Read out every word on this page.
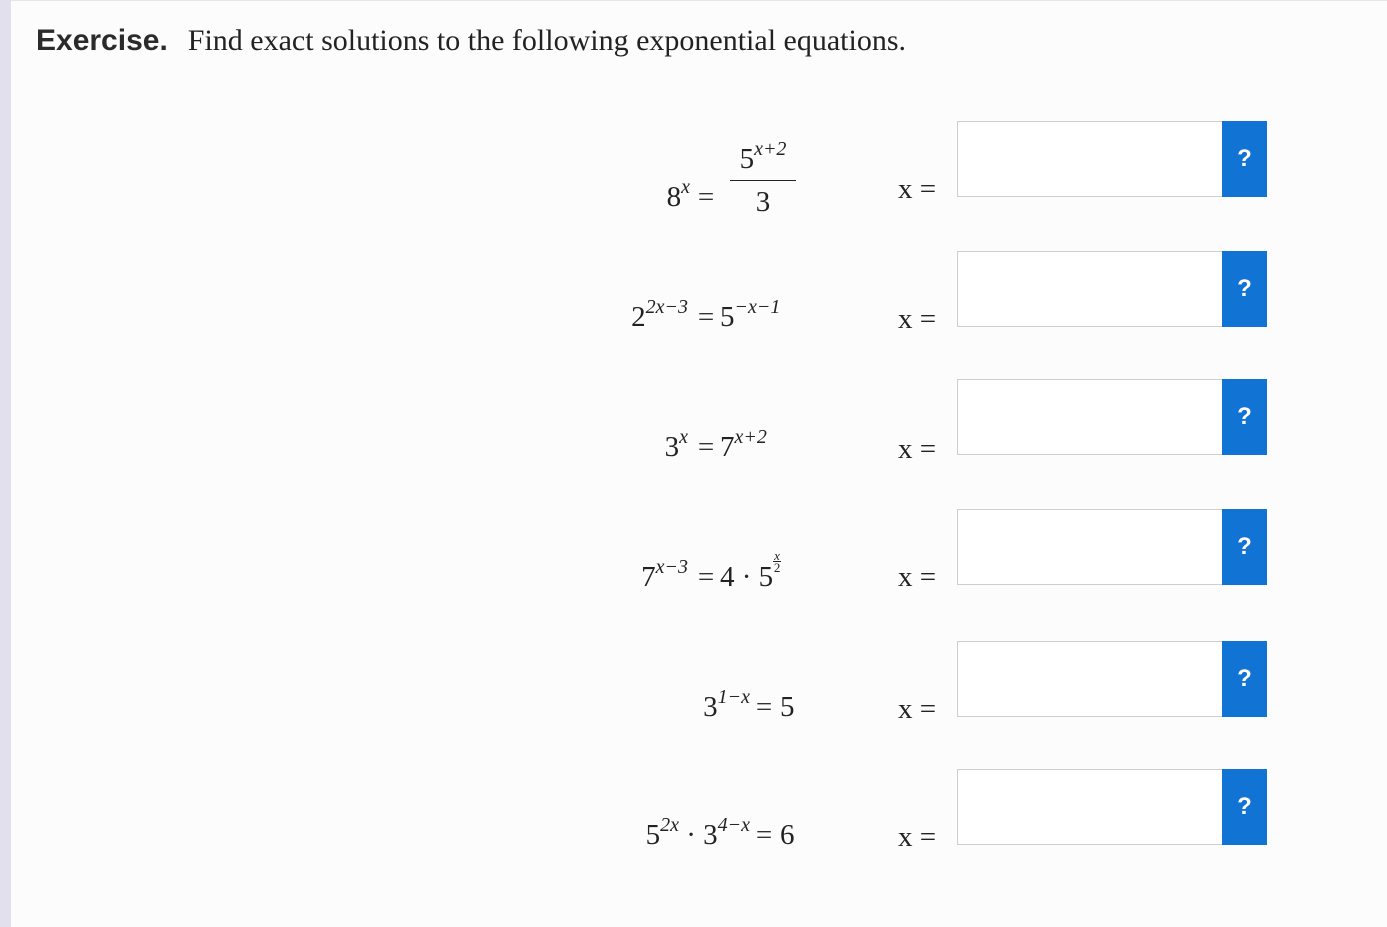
Exercise. Find exact solutions to the following exponential equations.
$8^x = \frac{5^{x+2}}{3}$
$2^{2x-3} = 5^{-x-1}$
$3^x = 7^{x+2}$
$7^{x-3} = 4 \cdot 5 \frac{x}{2}$
$3^{1-x} = 5$
$5^{2x} \cdot 3^{4-x} = 6$
x =
x =
x =
x =
x =
x =
?
?
?
?
?
?
